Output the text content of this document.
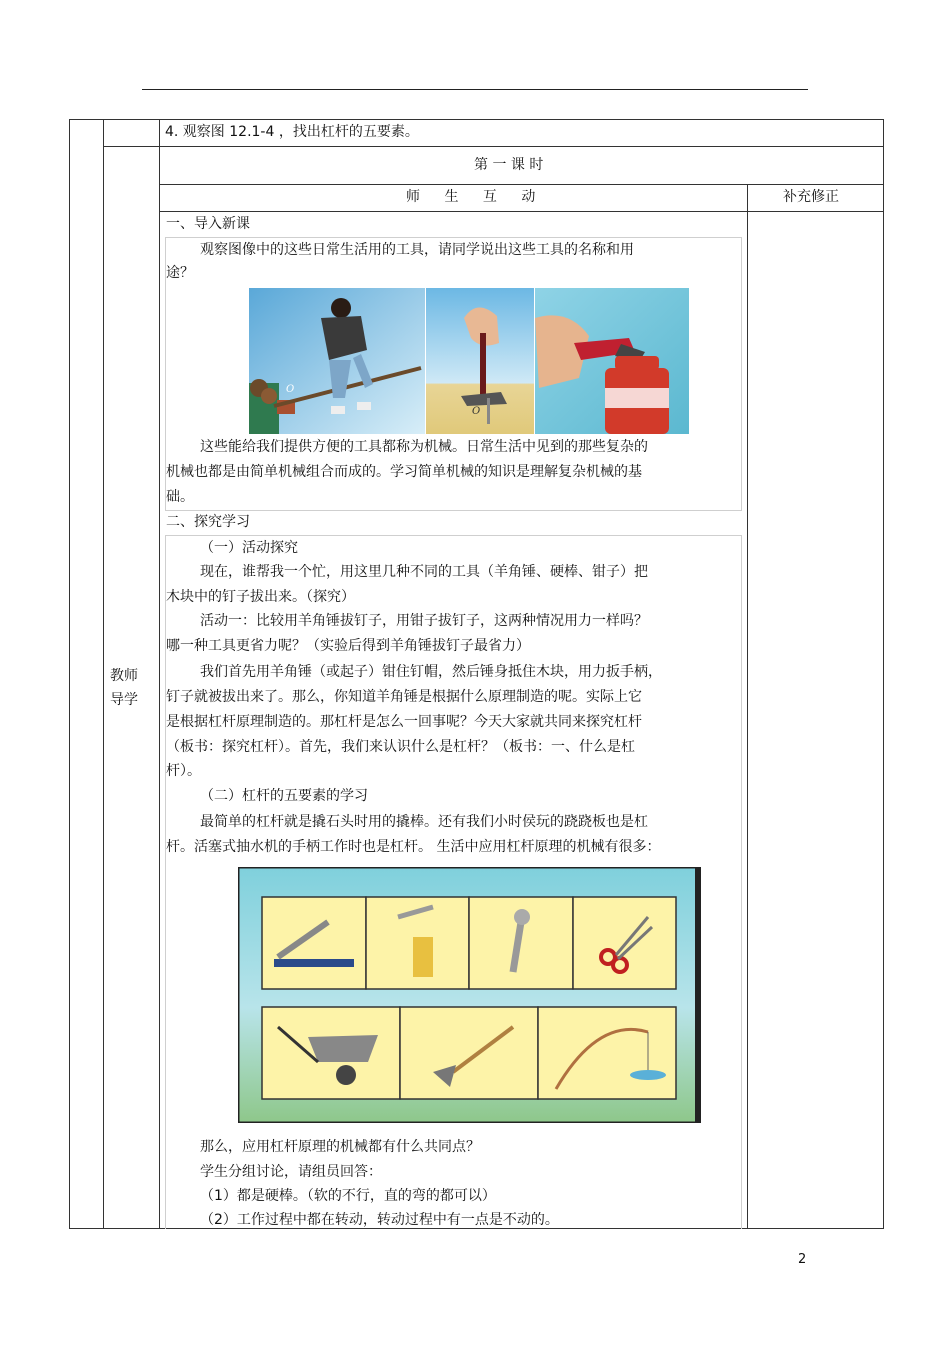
4. 观察图 12.1-4 ，找出杠杆的五要素。
教师
导学
第 一 课 时
师 生 互 动	补充修正
一、导入新课
观察图像中的这些日常生活用的工具，请同学说出这些工具的名称和用
途？
O
O
这些能给我们提供方便的工具都称为机械。日常生活中见到的那些复杂的
机械也都是由简单机械组合而成的。学习简单机械的知识是理解复杂机械的基
础。
二、探究学习
（一）活动探究
现在，谁帮我一个忙，用这里几种不同的工具（羊角锤、硬棒、钳子）把
木块中的钉子拔出来。（探究）
活动一：比较用羊角锤拔钉子，用钳子拔钉子，这两种情况用力一样吗？
哪一种工具更省力呢？（实验后得到羊角锤拔钉子最省力）
我们首先用羊角锤（或起子）钳住钉帽，然后锤身抵住木块，用力扳手柄，
钉子就被拔出来了。那么，你知道羊角锤是根据什么原理制造的呢。实际上它
是根据杠杆原理制造的。那杠杆是怎么一回事呢？今天大家就共同来探究杠杆
（板书：探究杠杆）。首先，我们来认识什么是杠杆？（板书：一、什么是杠
杆）。
（二）杠杆的五要素的学习
最简单的杠杆就是撬石头时用的撬棒。还有我们小时侯玩的跷跷板也是杠
杆。活塞式抽水机的手柄工作时也是杠杆。 生活中应用杠杆原理的机械有很多：
那么，应用杠杆原理的机械都有什么共同点？
学生分组讨论，请组员回答：
（1）都是硬棒。（软的不行，直的弯的都可以）
（2）工作过程中都在转动，转动过程中有一点是不动的。
2
